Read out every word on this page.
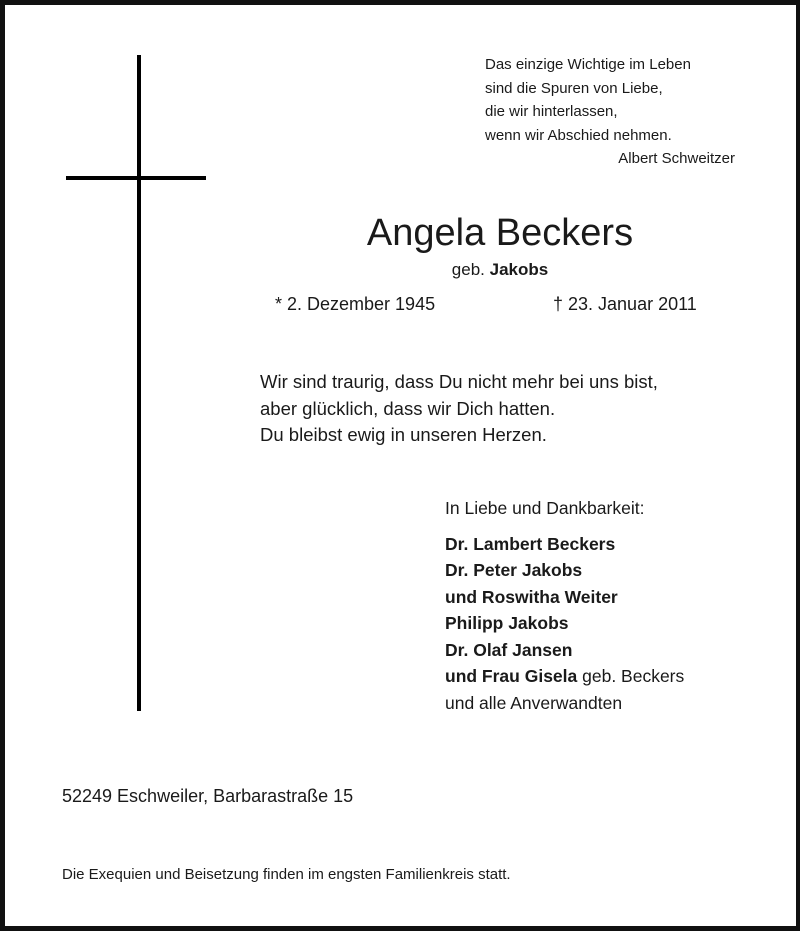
Das einzige Wichtige im Leben
sind die Spuren von Liebe,
die wir hinterlassen,
wenn wir Abschied nehmen.
Albert Schweitzer
Angela Beckers
geb. Jakobs
* 2. Dezember 1945	† 23. Januar 2011
Wir sind traurig, dass Du nicht mehr bei uns bist,
aber glücklich, dass wir Dich hatten.
Du bleibst ewig in unseren Herzen.
In Liebe und Dankbarkeit:
Dr. Lambert Beckers
Dr. Peter Jakobs
und Roswitha Weiter
Philipp Jakobs
Dr. Olaf Jansen
und Frau Gisela geb. Beckers
und alle Anverwandten
52249 Eschweiler, Barbarastraße 15
Die Exequien und Beisetzung finden im engsten Familienkreis statt.
